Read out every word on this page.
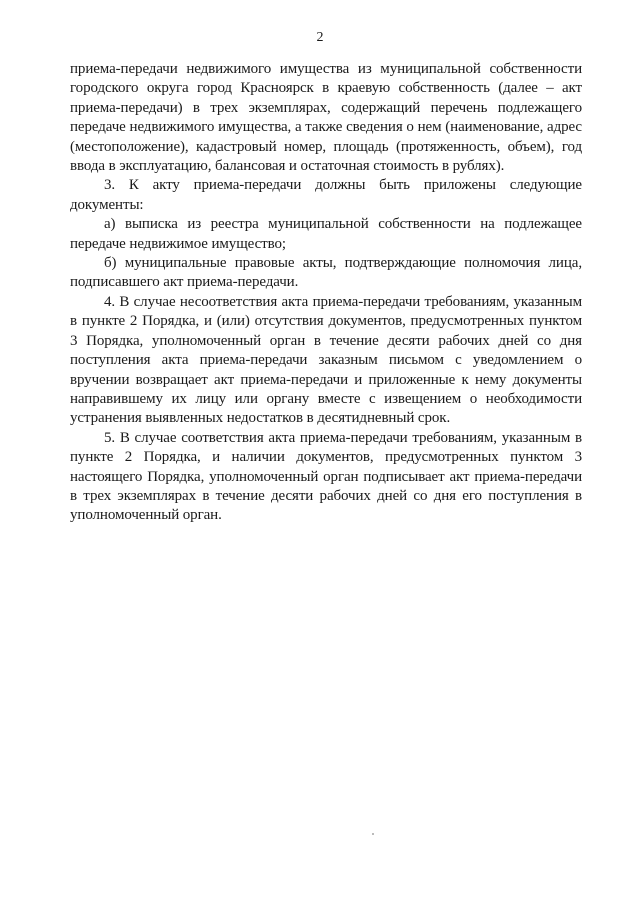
2

приема-передачи недвижимого имущества из муниципальной собственности городского округа город Красноярск в краевую собственность (далее – акт приема-передачи) в трех экземплярах, содержащий перечень подлежащего передаче недвижимого имущества, а также сведения о нем (наименование, адрес (местоположение), кадастровый номер, площадь (протяженность, объем), год ввода в эксплуатацию, балансовая и остаточная стоимость в рублях).

3. К акту приема-передачи должны быть приложены следующие документы:

а) выписка из реестра муниципальной собственности на подлежащее передаче недвижимое имущество;

б) муниципальные правовые акты, подтверждающие полномочия лица, подписавшего акт приема-передачи.

4. В случае несоответствия акта приема-передачи требованиям, указанным в пункте 2 Порядка, и (или) отсутствия документов, предусмотренных пунктом 3 Порядка, уполномоченный орган в течение десяти рабочих дней со дня поступления акта приема-передачи заказным письмом с уведомлением о вручении возвращает акт приема-передачи и приложенные к нему документы направившему их лицу или органу вместе с извещением о необходимости устранения выявленных недостатков в десятидневный срок.

5. В случае соответствия акта приема-передачи требованиям, указанным в пункте 2 Порядка, и наличии документов, предусмотренных пунктом 3 настоящего Порядка, уполномоченный орган подписывает акт приема-передачи в трех экземплярах в течение десяти рабочих дней со дня его поступления в уполномоченный орган.
